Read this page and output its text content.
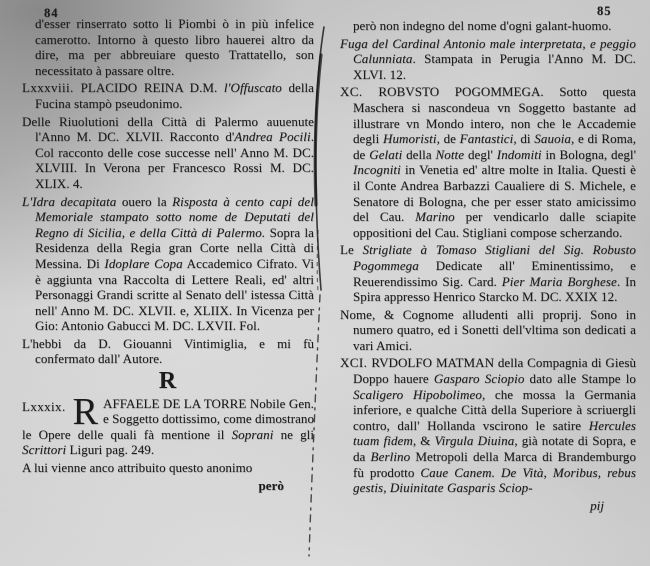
84	85

d'esser rinserrato sotto li Piombi ò in più infelice camerotto. Intorno à questo libro hauerei altro da dire, ma per abbreuiare questo Trattatello, son necessitato à passare oltre.

Lxxxviii. PLACIDO REINA D.M. l'Offuscato della Fucina stampò pseudonimo.

Delle Riuolutioni della Città di Palermo auuenute l'Anno M. DC. XLVII. Racconto d'Andrea Pocili. Col racconto delle cose successe nell' Anno M. DC. XLVIII. In Verona per Francesco Rossi M. DC. XLIX. 4.

L'Idra decapitata ouero la Risposta à cento capi del Memoriale stampato sotto nome de Deputati del Regno di Sicilia, e della Città di Palermo. Sopra la Residenza della Regia gran Corte nella Città di Messina. Di Idoplare Copa Accademico Cifrato. Vi è aggiunta vna Raccolta di Lettere Reali, ed' altri Personaggi Grandi scritte al Senato dell' istessa Città nell' Anno M. DC. XLVII. e, XLIIX. In Vicenza per Gio: Antonio Gabucci M. DC. LXVII. Fol.

L'hebbi da D. Giouanni Vintimiglia, e mi fù confermato dall' Autore.

R

Lxxxix. R AFFAELE DE LA TORRE Nobile Gen. e Soggetto dottissimo, come dimostrano le Opere delle quali fà mentione il Soprani ne gli Scrittori Liguri pag. 249.

A lui vienne anco attribuito questo anonimo

però

però non indegno del nome d'ogni galant-huomo.

Fuga del Cardinal Antonio male interpretata, e peggio Calunniata. Stampata in Perugia l'Anno M. DC. XLVI. 12.

XC. ROBVSTO POGOMMEGA. Sotto questa Maschera si nascondeua vn Soggetto bastante ad illustrare vn Mondo intero, non che le Accademie degli Humoristi, de Fantastici, di Sauoia, e di Roma, de Gelati della Notte degl' Indomiti in Bologna, degl' Incogniti in Venetia ed' altre molte in Italia. Questi è il Conte Andrea Barbazzi Caualiere di S. Michele, e Senatore di Bologna, che per esser stato amicissimo del Cau. Marino per vendicarlo dalle sciapite oppositioni del Cau. Stigliani compose scherzando.

Le Strigliate à Tomaso Stigliani del Sig. Robusto Pogommega Dedicate all' Eminentissimo, e Reuerendissimo Sig. Card. Pier Maria Borghese. In Spira appresso Henrico Starcko M. DC. XXIX 12.

Nome, & Cognome alludenti alli proprij. Sono in numero quatro, ed i Sonetti dell'vltima son dedicati a vari Amici.

XCI. RVDOLFO MATMAN della Compagnia di Giesù Doppo hauere Gasparo Sciopio dato alle Stampe lo Scaligero Hipobolimeo, che mossa la Germania inferiore, e qualche Città della Superiore à scriuergli contro, dall' Hollanda vscirono le satire Hercules tuam fidem, & Virgula Diuina, già notate di Sopra, e da Berlino Metropoli della Marca di Brandemburgo fù prodotto Caue Canem. De Vità, Moribus, rebus gestis, Diuinitate Gasparis Sciop-

pij
